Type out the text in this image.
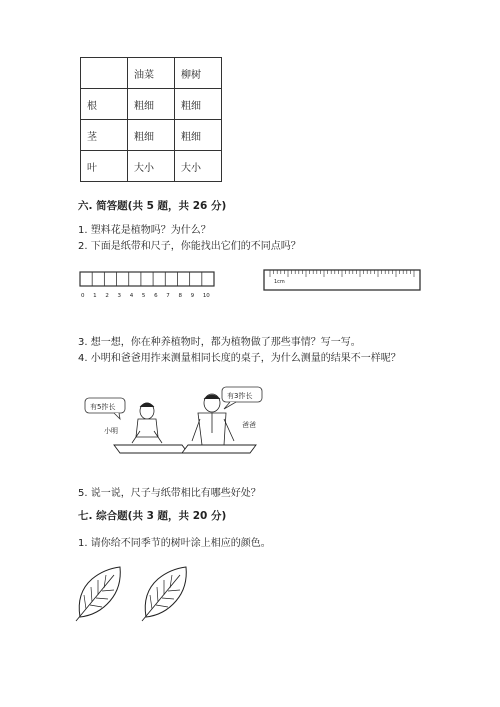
	油菜	柳树
根	粗细	粗细
茎	粗细	粗细
叶	大小	大小
六. 简答题(共 5 题，共 26 分)
1. 塑料花是植物吗？为什么？
2. 下面是纸带和尺子，你能找出它们的不同点吗？
0 1 2 3 4 5 6 7 8 9 10
1cm
3. 想一想，你在种养植物时，都为植物做了那些事情？写一写。
4. 小明和爸爸用拃来测量相同长度的桌子，为什么测量的结果不一样呢？
有5拃长
小明
有3拃长
爸爸
5. 说一说，尺子与纸带相比有哪些好处？
七. 综合题(共 3 题，共 20 分)
1. 请你给不同季节的树叶涂上相应的颜色。
